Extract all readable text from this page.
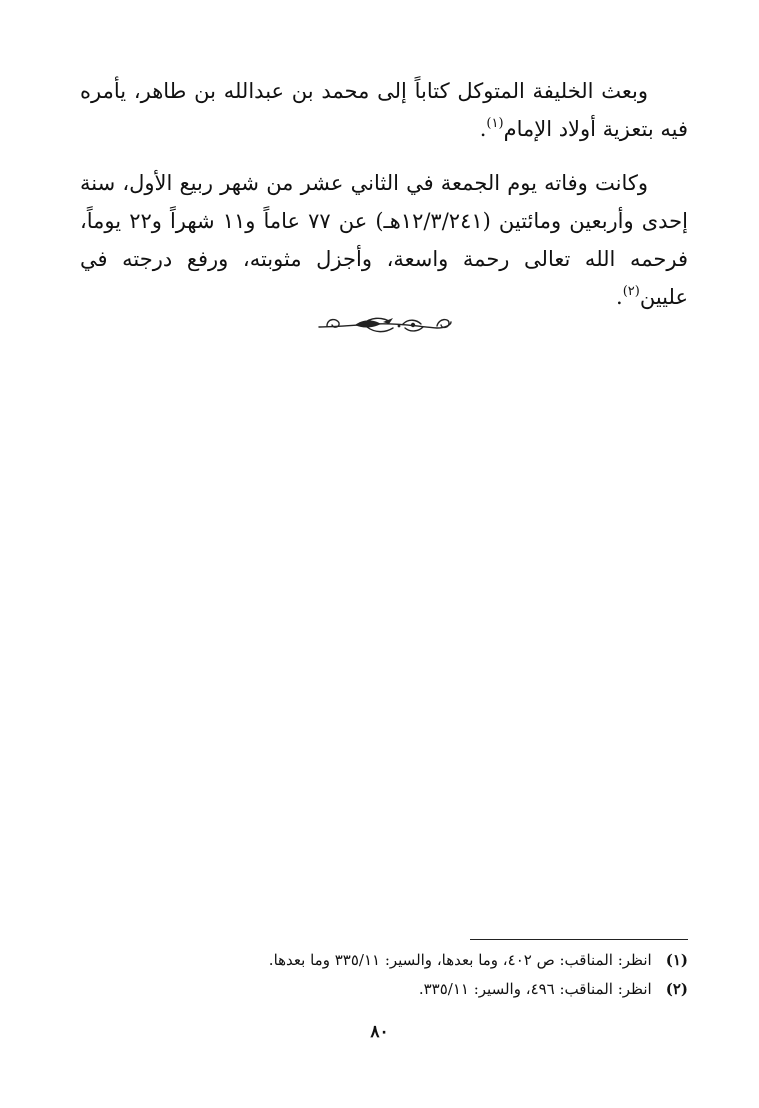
وبعث الخليفة المتوكل كتاباً إلى محمد بن عبدالله بن طاهر، يأمره فيه بتعزية أولاد الإمام$^{(١)}$.

وكانت وفاته يوم الجمعة في الثاني عشر من شهر ربيع الأول، سنة إحدى وأربعين ومائتين (١٢/٣/٢٤١هـ) عن ٧٧ عاماً و١١ شهراً و٢٢ يوماً، فرحمه الله تعالى رحمة واسعة، وأجزل مثوبته، ورفع درجته في عليين$^{(٢)}$.

(١)انظر: المناقب: ص ٤٠٢، وما بعدها، والسير: ٣٣٥/١١ وما بعدها.

(٢)انظر: المناقب: ٤٩٦، والسير: ٣٣٥/١١.

٨٠
